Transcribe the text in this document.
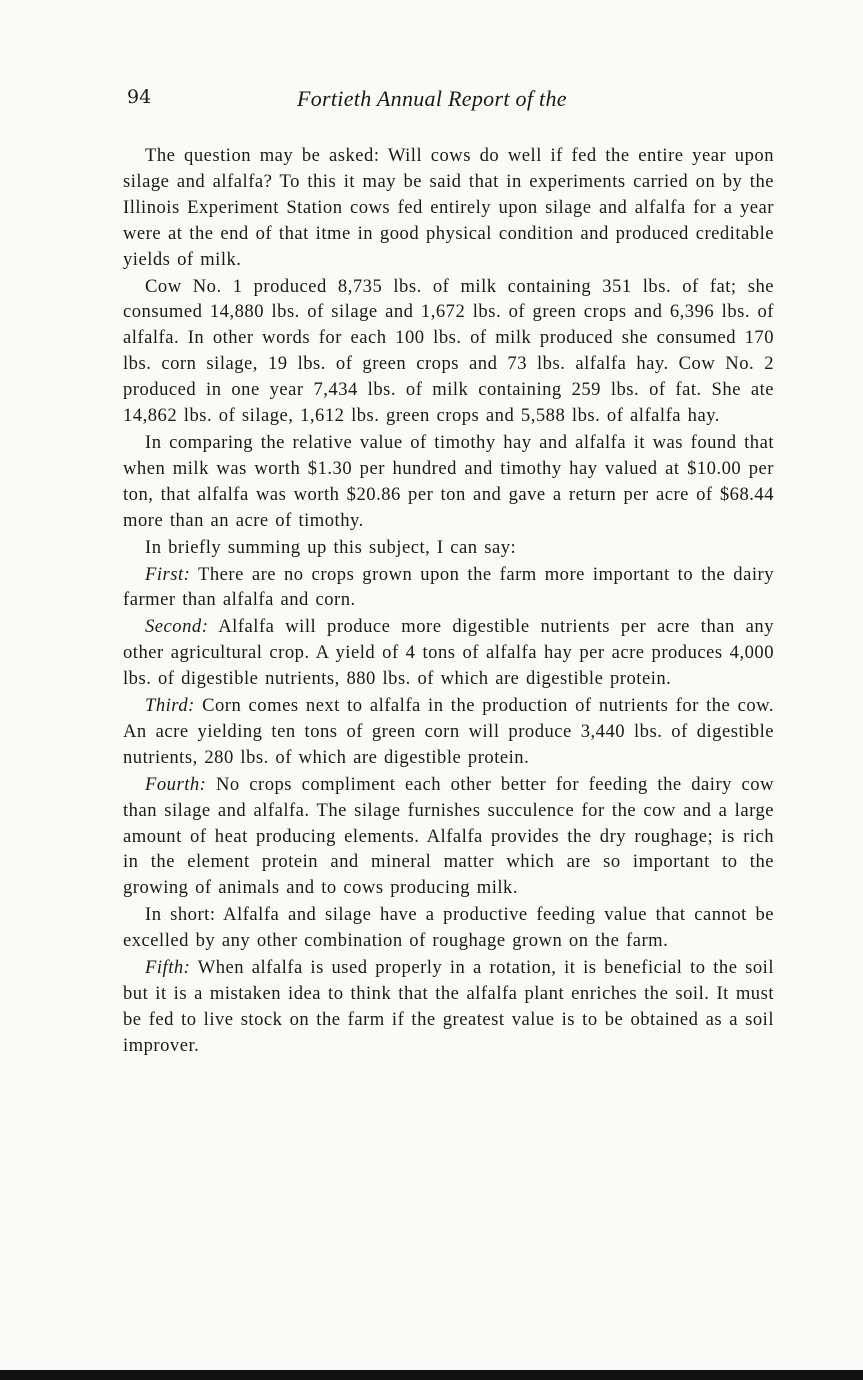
94	Fortieth Annual Report of the

The question may be asked: Will cows do well if fed the entire year upon silage and alfalfa? To this it may be said that in experiments carried on by the Illinois Experiment Station cows fed entirely upon silage and alfalfa for a year were at the end of that itme in good physical condition and produced creditable yields of milk.

Cow No. 1 produced 8,735 lbs. of milk containing 351 lbs. of fat; she consumed 14,880 lbs. of silage and 1,672 lbs. of green crops and 6,396 lbs. of alfalfa. In other words for each 100 lbs. of milk produced she consumed 170 lbs. corn silage, 19 lbs. of green crops and 73 lbs. alfalfa hay. Cow No. 2 produced in one year 7,434 lbs. of milk containing 259 lbs. of fat. She ate 14,862 lbs. of silage, 1,612 lbs. green crops and 5,588 lbs. of alfalfa hay.

In comparing the relative value of timothy hay and alfalfa it was found that when milk was worth $1.30 per hundred and timothy hay valued at $10.00 per ton, that alfalfa was worth $20.86 per ton and gave a return per acre of $68.44 more than an acre of timothy.

In briefly summing up this subject, I can say:

First: There are no crops grown upon the farm more important to the dairy farmer than alfalfa and corn.

Second: Alfalfa will produce more digestible nutrients per acre than any other agricultural crop. A yield of 4 tons of alfalfa hay per acre produces 4,000 lbs. of digestible nutrients, 880 lbs. of which are digestible protein.

Third: Corn comes next to alfalfa in the production of nutrients for the cow. An acre yielding ten tons of green corn will produce 3,440 lbs. of digestible nutrients, 280 lbs. of which are digestible protein.

Fourth: No crops compliment each other better for feeding the dairy cow than silage and alfalfa. The silage furnishes succulence for the cow and a large amount of heat producing elements. Alfalfa provides the dry roughage; is rich in the element protein and mineral matter which are so important to the growing of animals and to cows producing milk.

In short: Alfalfa and silage have a productive feeding value that cannot be excelled by any other combination of roughage grown on the farm.

Fifth: When alfalfa is used properly in a rotation, it is beneficial to the soil but it is a mistaken idea to think that the alfalfa plant enriches the soil. It must be fed to live stock on the farm if the greatest value is to be obtained as a soil improver.
